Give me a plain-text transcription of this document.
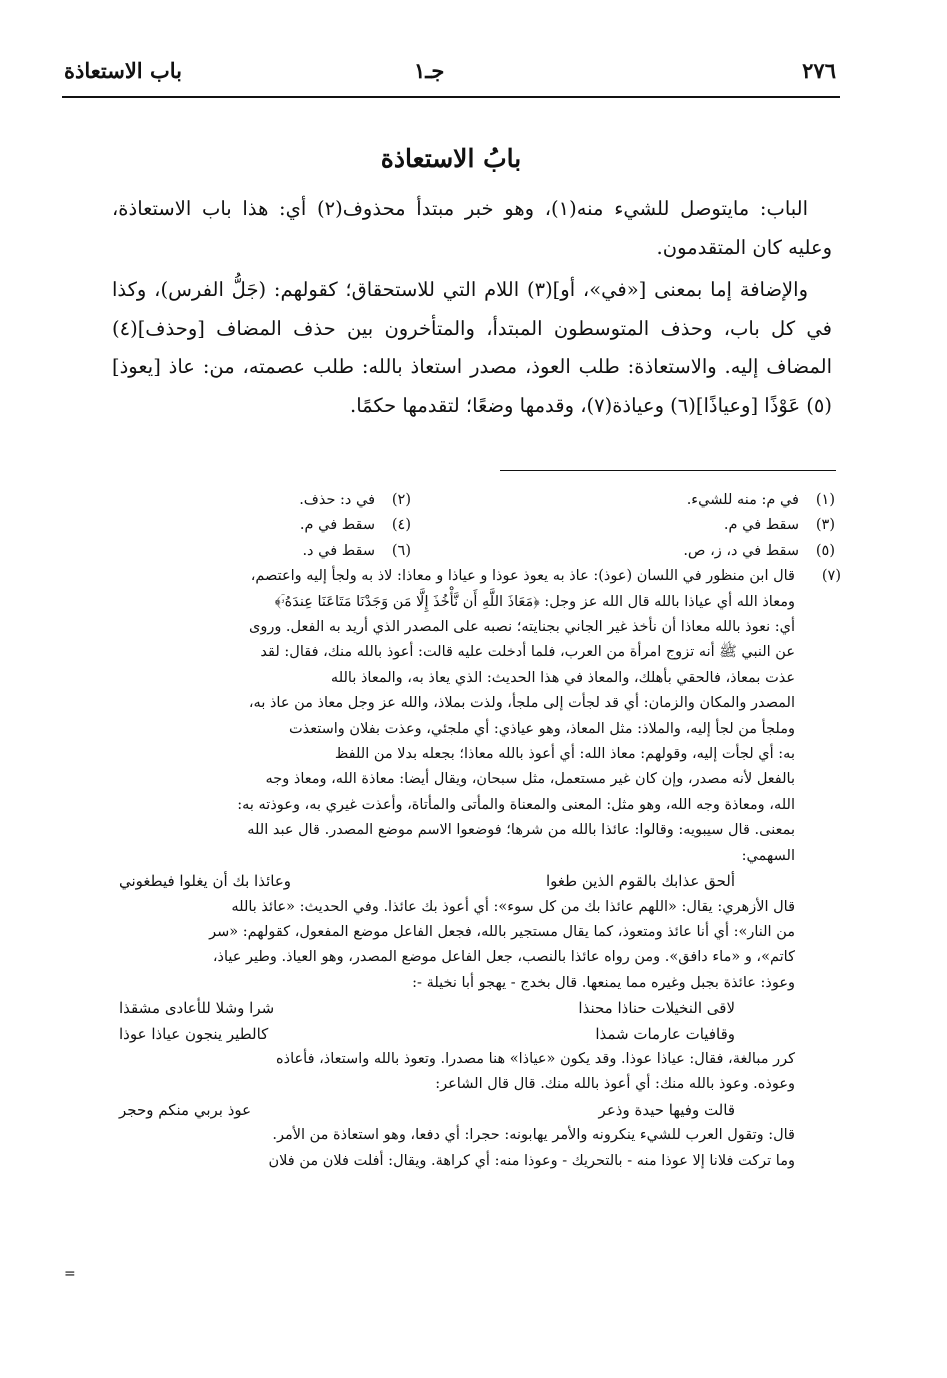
٢٧٦
جـ١
باب الاستعاذة
بابُ الاستعاذة

الباب: مايتوصل للشيء منه(١)، وهو خبر مبتدأ محذوف(٢) أي: هذا باب الاستعاذة، وعليه كان المتقدمون.

والإضافة إما بمعنى [«في»، أو](٣) اللام التي للاستحقاق؛ كقولهم: (جَلُّ الفرس)، وكذا في كل باب، وحذف المتوسطون المبتدأ، والمتأخرون بين حذف المضاف [وحذف](٤) المضاف إليه. والاستعاذة: طلب العوذ، مصدر استعاذ بالله: طلب عصمته، من: عاذ [يعوذ](٥) عَوْذًا [وعياذًا](٦) وعياذة(٧)، وقدمها وضعًا؛ لتقدمها حكمًا.

(١)في م: منه للشيء.
(٢)في د: حذف.
(٣)سقط في م.
(٤)سقط في م.
(٥)سقط في د، ز، ص.
(٦)سقط في د.
(٧)
قال ابن منظور في اللسان (عوذ): عاذ به يعوذ عوذا و عياذا و معاذا: لاذ به ولجأ إليه واعتصم،
ومعاذ الله أي عياذا بالله قال الله عز وجل: ﴿مَعَاذَ اللَّهِ أَن نَّأْخُذَ إِلَّا مَن وَجَدْنَا مَتَاعَنَا عِندَهُۥٓ﴾
أي: نعوذ بالله معاذا أن نأخذ غير الجاني بجنايته؛ نصبه على المصدر الذي أريد به الفعل. وروى
عن النبي ﷺ أنه تزوج امرأة من العرب، فلما أدخلت عليه قالت: أعوذ بالله منك، فقال: لقد
عذت بمعاذ، فالحقي بأهلك، والمعاذ في هذا الحديث: الذي يعاذ به، والمعاذ بالله
المصدر والمكان والزمان: أي قد لجأت إلى ملجأ، ولذت بملاذ، والله عز وجل معاذ من عاذ به،
وملجأ من لجأ إليه، والملاذ: مثل المعاذ، وهو عياذي: أي ملجئي، وعذت بفلان واستعذت
به: أي لجأت إليه، وقولهم: معاذ الله: أي أعوذ بالله معاذا؛ بجعله بدلا من اللفظ
بالفعل لأنه مصدر، وإن كان غير مستعمل، مثل سبحان، ويقال أيضا: معاذة الله، ومعاذ وجه
الله، ومعاذة وجه الله، وهو مثل: المعنى والمعناة والمأتى والمأتاة، وأعذت غيري به، وعوذته به:
بمعنى. قال سيبويه: وقالوا: عائذا بالله من شرها؛ فوضعوا الاسم موضع المصدر. قال عبد الله
السهمي:
ألحق عذابك بالقوم الذين طغوا
وعائذا بك أن يغلوا فيطغوني
قال الأزهري: يقال: «اللهم عائذا بك من كل سوء»: أي أعوذ بك عائذا. وفي الحديث: «عائذ بالله
من النار»: أي أنا عائذ ومتعوذ، كما يقال مستجير بالله، فجعل الفاعل موضع المفعول، كقولهم: «سر
كاتم»، و «ماء دافق». ومن رواه عائذا بالنصب، جعل الفاعل موضع المصدر، وهو العياذ. وطير عياذ،
وعوذ: عائذة بجبل وغيره مما يمنعها. قال بخدج - يهجو أبا نخيلة -:
لاقى النخيلات حناذا محنذا
شرا وشلا للأعادى مشقذا
وقافيات عارمات شمذا
كالطير ينجون عياذا عوذا
كرر مبالغة، فقال: عياذا عوذا. وقد يكون «عياذا» هنا مصدرا. وتعوذ بالله واستعاذ، فأعاذه
وعوذه. وعوذ بالله منك: أي أعوذ بالله منك. قال قال الشاعر:
قالت وفيها حيدة وذعر
عوذ بربي منكم وحجر
قال: وتقول العرب للشيء ينكرونه والأمر يهابونه: حجرا: أي دفعا، وهو استعاذة من الأمر.
وما تركت فلانا إلا عوذا منه - بالتحريك - وعوذا منه: أي كراهة. ويقال: أفلت فلان من فلان
=
